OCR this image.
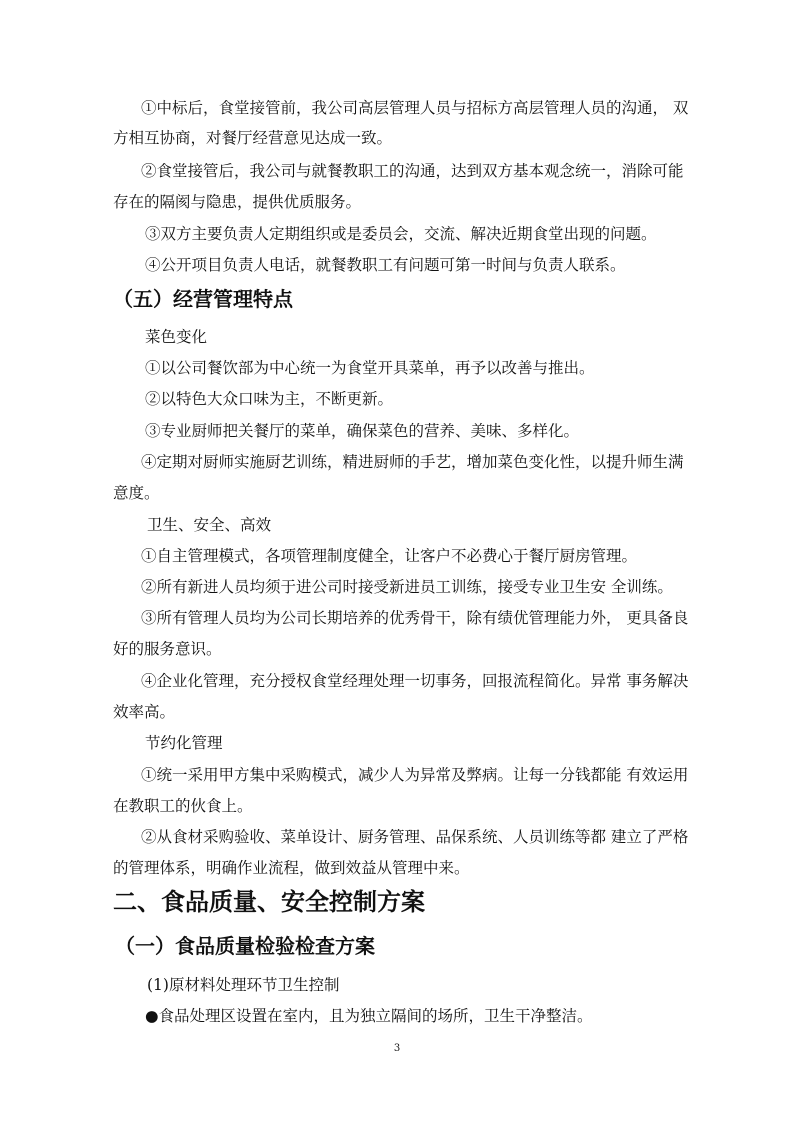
①中标后，食堂接管前，我公司高层管理人员与招标方高层管理人员的沟通， 双
方相互协商，对餐厅经营意见达成一致。
②食堂接管后，我公司与就餐教职工的沟通，达到双方基本观念统一，消除可能
存在的隔阂与隐患，提供优质服务。
③双方主要负责人定期组织或是委员会，交流、解决近期食堂出现的问题。
④公开项目负责人电话，就餐教职工有问题可第一时间与负责人联系。
（五）经营管理特点
菜色变化
①以公司餐饮部为中心统一为食堂开具菜单，再予以改善与推出。
②以特色大众口味为主，不断更新。
③专业厨师把关餐厅的菜单，确保菜色的营养、美味、多样化。
④定期对厨师实施厨艺训练，精进厨师的手艺，增加菜色变化性，以提升师生满
意度。
卫生、安全、高效
①自主管理模式，各项管理制度健全，让客户不必费心于餐厅厨房管理。
②所有新进人员均须于进公司时接受新进员工训练，接受专业卫生安 全训练。
③所有管理人员均为公司长期培养的优秀骨干，除有绩优管理能力外， 更具备良
好的服务意识。
④企业化管理，充分授权食堂经理处理一切事务，回报流程简化。异常 事务解决
效率高。
节约化管理
①统一采用甲方集中采购模式，减少人为异常及弊病。让每一分钱都能 有效运用
在教职工的伙食上。
②从食材采购验收、菜单设计、厨务管理、品保系统、人员训练等都 建立了严格
的管理体系，明确作业流程，做到效益从管理中来。
二、食品质量、安全控制方案
（一）食品质量检验检查方案
(1)原材料处理环节卫生控制
●食品处理区设置在室内，且为独立隔间的场所，卫生干净整洁。
3
